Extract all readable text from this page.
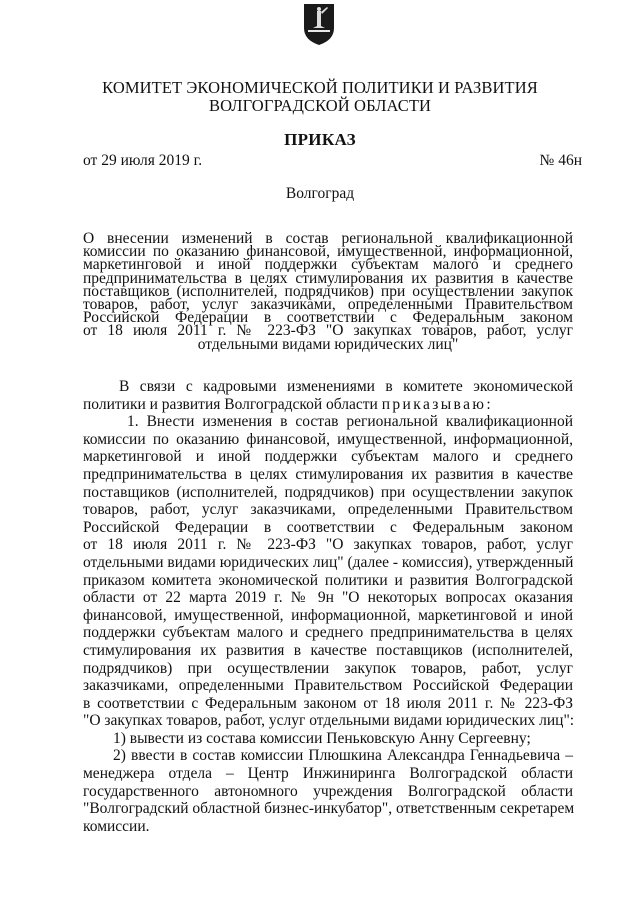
КОМИТЕТ ЭКОНОМИЧЕСКОЙ ПОЛИТИКИ И РАЗВИТИЯ
ВОЛГОГРАДСКОЙ ОБЛАСТИ
ПРИКАЗ
от 29 июля 2019 г.	№ 46н
Волгоград
О внесении изменений в состав региональной квалификационной
комиссии по оказанию финансовой, имущественной, информационной,
маркетинговой и иной поддержки субъектам малого и среднего
предпринимательства в целях стимулирования их развития в качестве
поставщиков (исполнителей, подрядчиков) при осуществлении закупок
товаров, работ, услуг заказчиками, определенными Правительством
Российской Федерации в соответствии с Федеральным законом
от 18 июля 2011 г. № 223-ФЗ "О закупках товаров, работ, услуг
отдельными видами юридических лиц"
В связи с кадровыми изменениями в комитете экономической
политики и развития Волгоградской области приказываю:
1. Внести изменения в состав региональной квалификационной
комиссии по оказанию финансовой, имущественной, информационной,
маркетинговой и иной поддержки субъектам малого и среднего
предпринимательства в целях стимулирования их развития в качестве
поставщиков (исполнителей, подрядчиков) при осуществлении закупок
товаров, работ, услуг заказчиками, определенными Правительством
Российской Федерации в соответствии с Федеральным законом
от 18 июля 2011 г. № 223-ФЗ "О закупках товаров, работ, услуг
отдельными видами юридических лиц" (далее - комиссия), утвержденный
приказом комитета экономической политики и развития Волгоградской
области от 22 марта 2019 г. № 9н "О некоторых вопросах оказания
финансовой, имущественной, информационной, маркетинговой и иной
поддержки субъектам малого и среднего предпринимательства в целях
стимулирования их развития в качестве поставщиков (исполнителей,
подрядчиков) при осуществлении закупок товаров, работ, услуг
заказчиками, определенными Правительством Российской Федерации
в соответствии с Федеральным законом от 18 июля 2011 г. № 223-ФЗ
"О закупках товаров, работ, услуг отдельными видами юридических лиц":
1) вывести из состава комиссии Пеньковскую Анну Сергеевну;
2) ввести в состав комиссии Плюшкина Александра Геннадьевича –
менеджера отдела – Центр Инжиниринга Волгоградской области
государственного автономного учреждения Волгоградской области
"Волгоградский областной бизнес-инкубатор", ответственным секретарем
комиссии.
